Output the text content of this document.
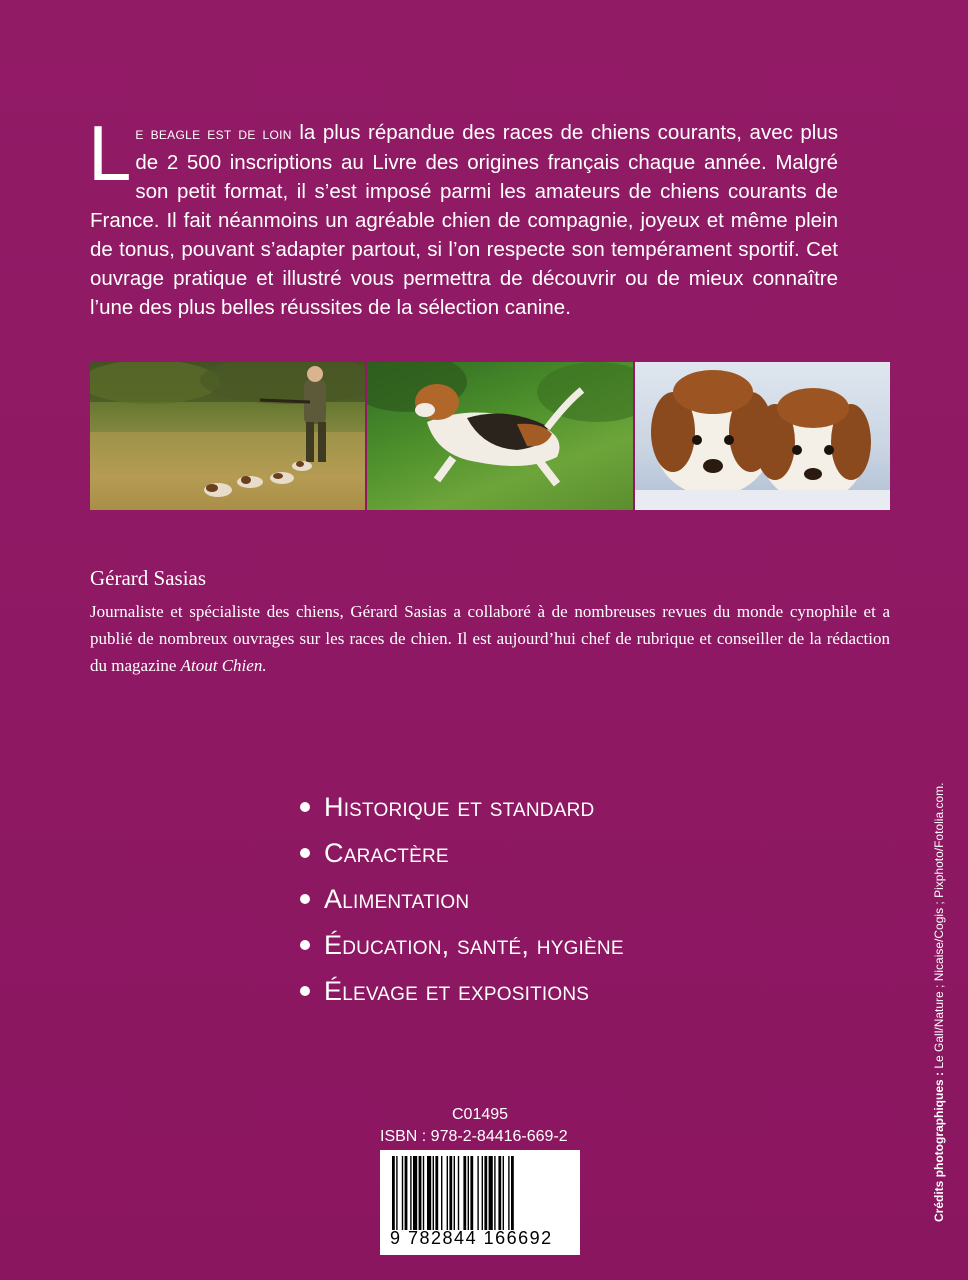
Le beagle est de loin la plus répandue des races de chiens courants, avec plus de 2 500 inscriptions au Livre des origines français chaque année. Malgré son petit format, il s’est imposé parmi les amateurs de chiens courants de France. Il fait néanmoins un agréable chien de compagnie, joyeux et même plein de tonus, pouvant s’adapter partout, si l’on respecte son tempérament sportif. Cet ouvrage pratique et illustré vous permettra de découvrir ou de mieux connaître l’une des plus belles réussites de la sélection canine.
Gérard Sasias
Journaliste et spécialiste des chiens, Gérard Sasias a collaboré à de nombreuses revues du monde cynophile et a publié de nombreux ouvrages sur les races de chien. Il est aujourd’hui chef de rubrique et conseiller de la rédaction du magazine Atout Chien.
Historique et standard
Caractère
Alimentation
Éducation, santé, hygiène
Élevage et expositions
Crédits photographiques : Le Gall/Nature ; Nicaise/Cogis ; Pixphoto/Fotolia.com.
C01495
ISBN : 978-2-84416-669-2
9 782844 166692
